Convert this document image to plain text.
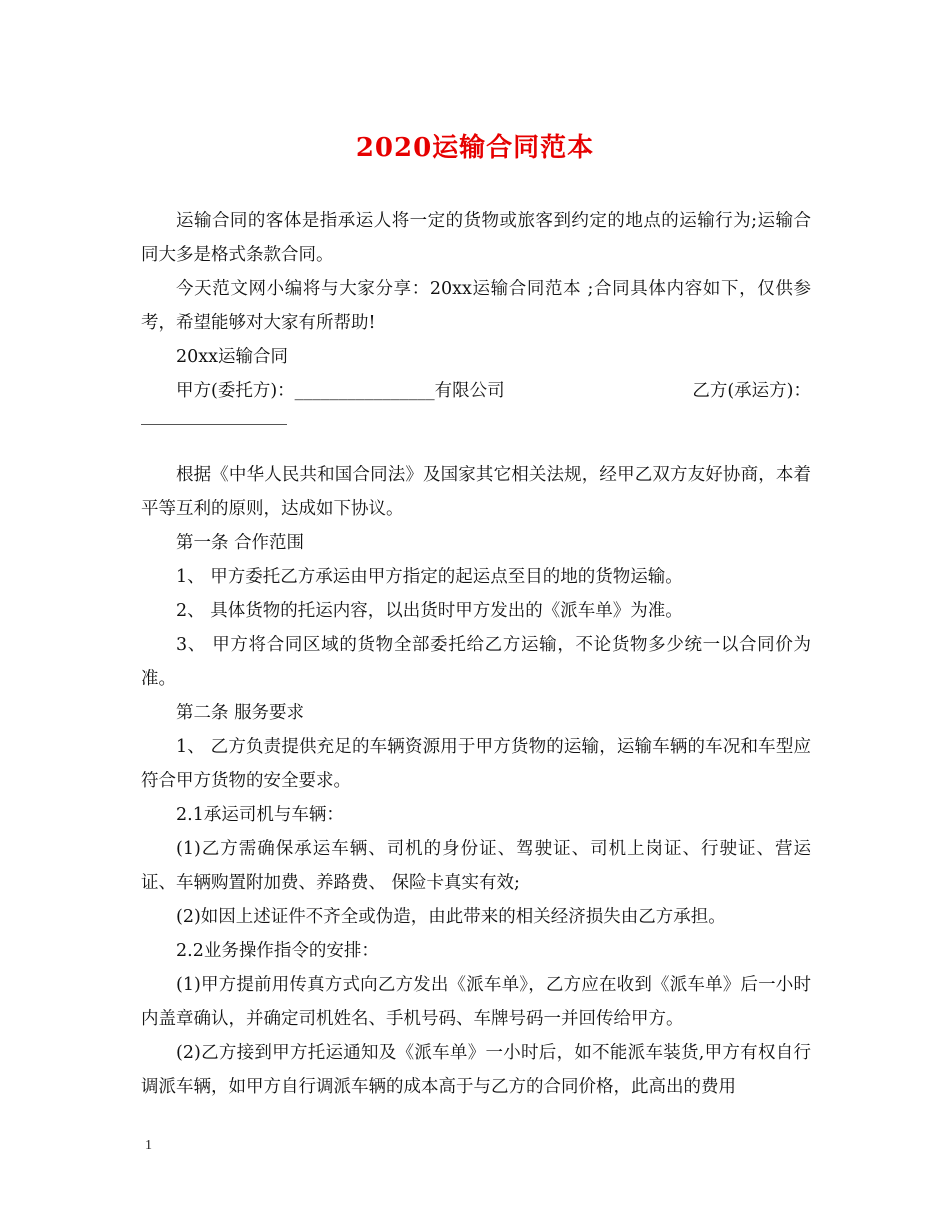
2020运输合同范本

运输合同的客体是指承运人将一定的货物或旅客到约定的地点的运输行为;运输合同大多是格式条款合同。

今天范文网小编将与大家分享：20xx运输合同范本 ;合同具体内容如下，仅供参考，希望能够对大家有所帮助!

20xx运输合同

甲方(委托方)：________________有限公司	乙方(承运方)：

根据《中华人民共和国合同法》及国家其它相关法规，经甲乙双方友好协商，本着平等互利的原则，达成如下协议。

第一条 合作范围

1、 甲方委托乙方承运由甲方指定的起运点至目的地的货物运输。

2、 具体货物的托运内容，以出货时甲方发出的《派车单》为准。

3、 甲方将合同区域的货物全部委托给乙方运输，不论货物多少统一以合同价为准。

第二条 服务要求

1、 乙方负责提供充足的车辆资源用于甲方货物的运输，运输车辆的车况和车型应符合甲方货物的安全要求。

2.1承运司机与车辆：

(1)乙方需确保承运车辆、司机的身份证、驾驶证、司机上岗证、行驶证、营运证、车辆购置附加费、养路费、 保险卡真实有效;

(2)如因上述证件不齐全或伪造，由此带来的相关经济损失由乙方承担。

2.2业务操作指令的安排：

(1)甲方提前用传真方式向乙方发出《派车单》，乙方应在收到《派车单》后一小时内盖章确认，并确定司机姓名、手机号码、车牌号码一并回传给甲方。

(2)乙方接到甲方托运通知及《派车单》一小时后，如不能派车装货,甲方有权自行调派车辆，如甲方自行调派车辆的成本高于与乙方的合同价格，此高出的费用

1
